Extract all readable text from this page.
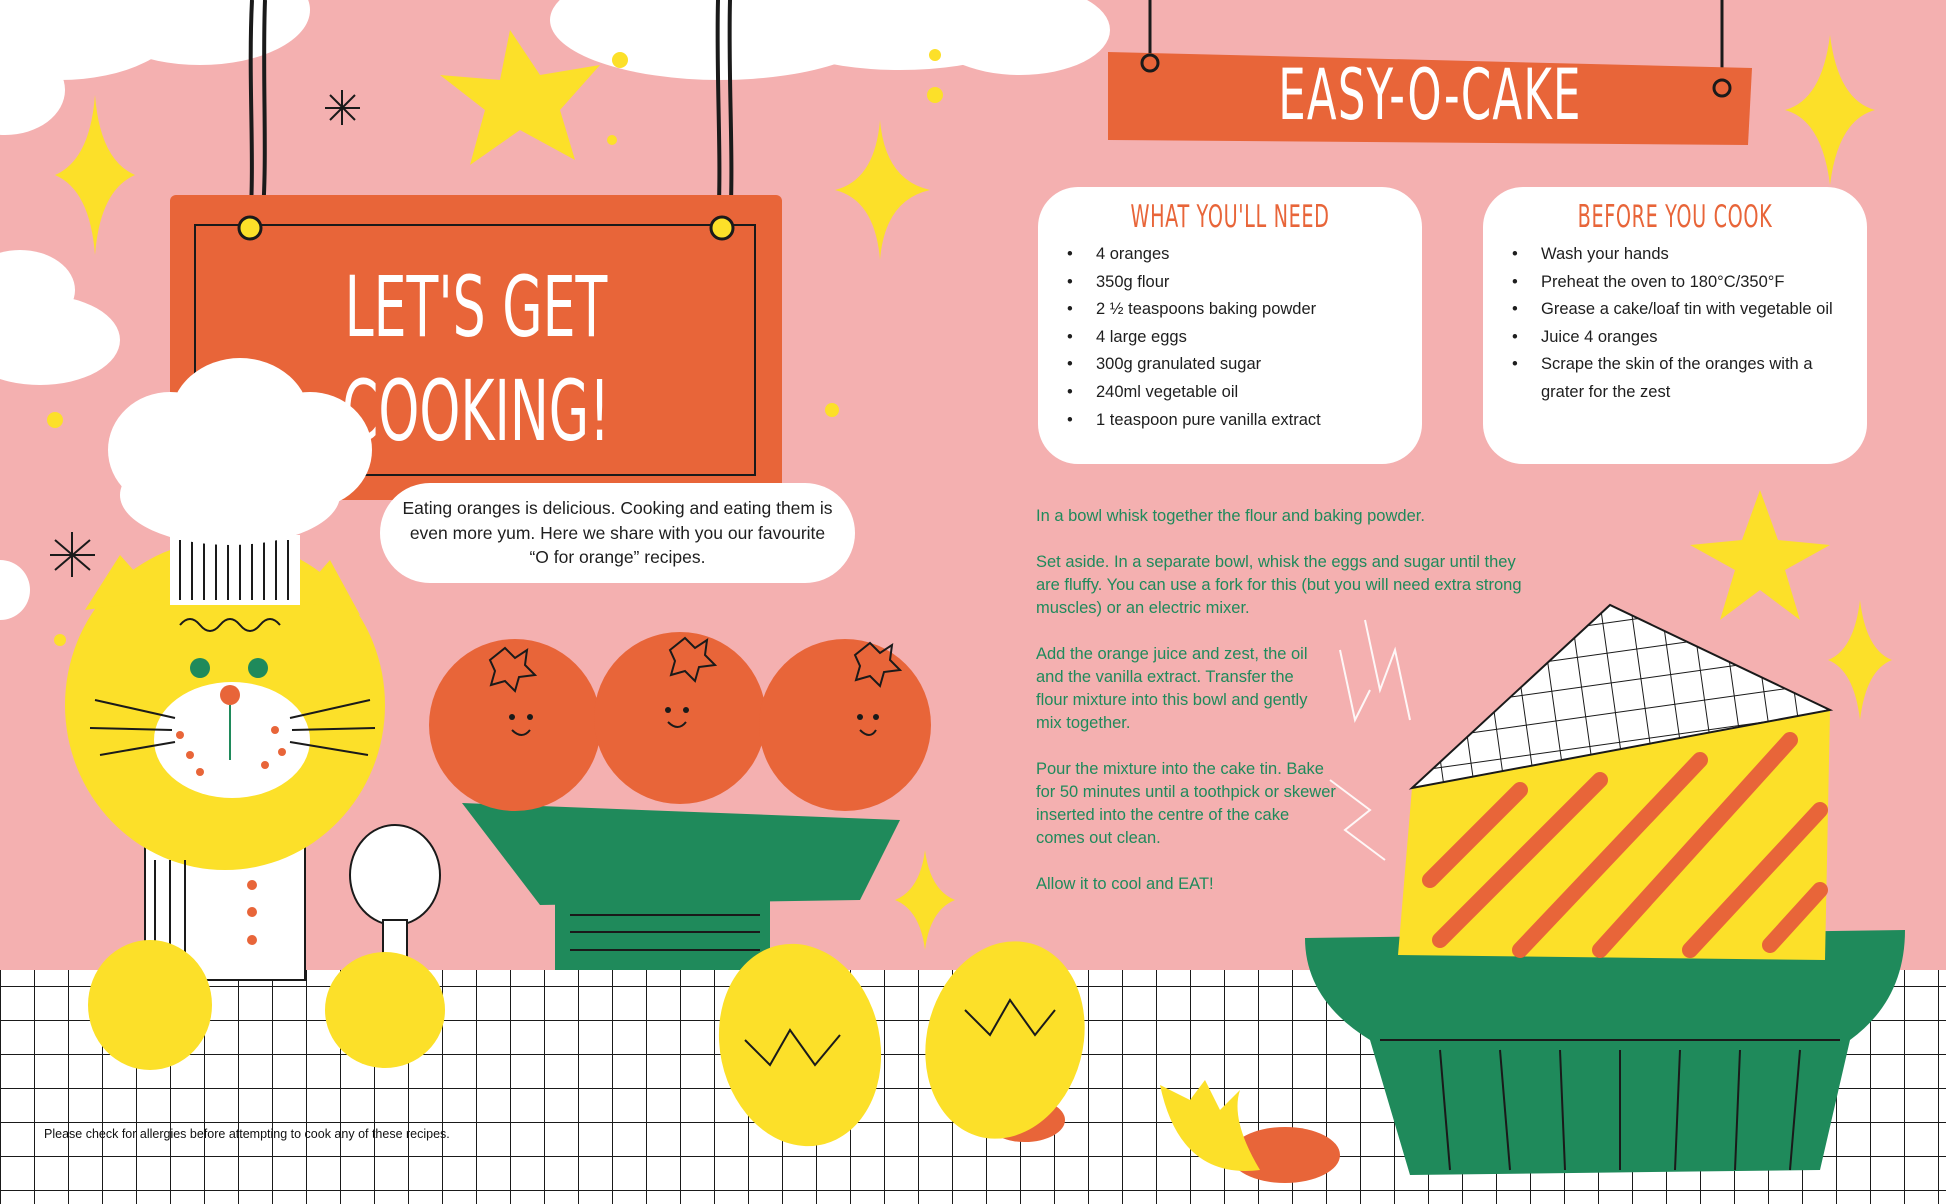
LET'S GET
COOKING!
Eating oranges is delicious. Cooking and eating them is even more yum. Here we share with you our favourite “O for orange” recipes.
Please check for allergies before attempting to cook any of these recipes.
EASY-O-CAKE
WHAT YOU'LL NEED
• 4 oranges
• 350g flour
• 2 ½ teaspoons baking powder
• 4 large eggs
• 300g granulated sugar
• 240ml vegetable oil
• 1 teaspoon pure vanilla extract
BEFORE YOU COOK
• Wash your hands
• Preheat the oven to 180°C/350°F
• Grease a cake/loaf tin with vegetable oil
• Juice 4 oranges
• Scrape the skin of the oranges with a grater for the zest

In a bowl whisk together the flour and baking powder.

Set aside. In a separate bowl, whisk the eggs and sugar until they are fluffy. You can use a fork for this (but you will need extra strong muscles) or an electric mixer.

Add the orange juice and zest, the oil and the vanilla extract. Transfer the flour mixture into this bowl and gently mix together.

Pour the mixture into the cake tin. Bake for 50 minutes until a toothpick or skewer inserted into the centre of the cake comes out clean.

Allow it to cool and EAT!
